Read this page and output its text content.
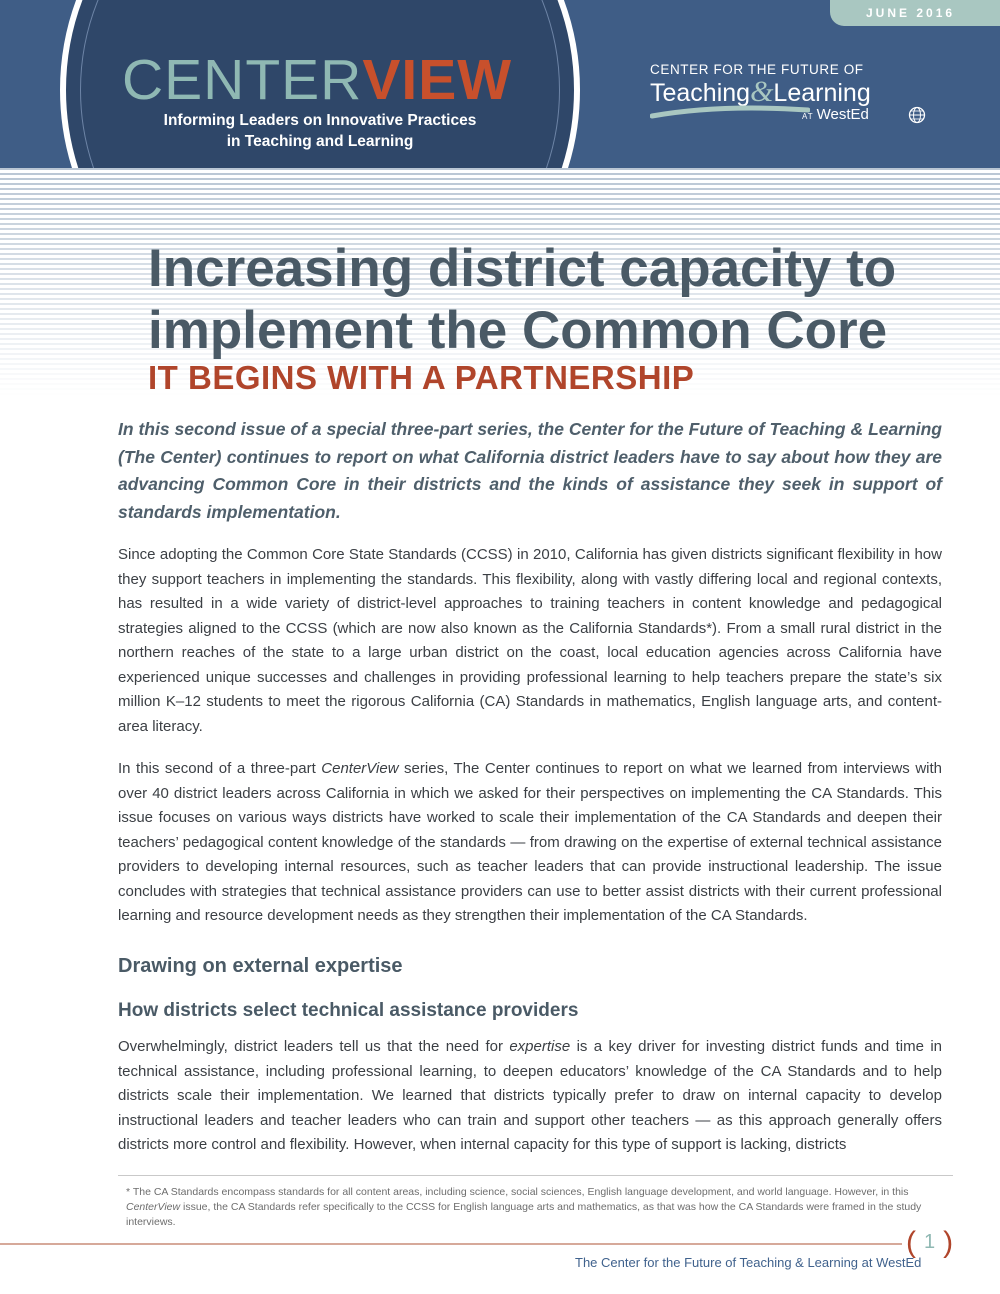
CENTERVIEW
Informing Leaders on Innovative Practices
in Teaching and Learning
JUNE 2016
CENTER FOR THE FUTURE OF
Teaching&Learning
AT WestEd
Increasing district capacity to
implement the Common Core
IT BEGINS WITH A PARTNERSHIP

In this second issue of a special three-part series, the Center for the Future of Teaching & Learning (The Center) continues to report on what California district leaders have to say about how they are advancing Common Core in their districts and the kinds of assistance they seek in support of standards implementation.

Since adopting the Common Core State Standards (CCSS) in 2010, California has given districts significant flexibility in how they support teachers in implementing the standards. This flexibility, along with vastly differing local and regional contexts, has resulted in a wide variety of district-level approaches to training teachers in content knowledge and pedagogical strategies aligned to the CCSS (which are now also known as the California Standards*). From a small rural district in the northern reaches of the state to a large urban district on the coast, local education agencies across California have experienced unique successes and challenges in providing professional learning to help teachers prepare the state’s six million K–12 students to meet the rigorous California (CA) Standards in mathematics, English language arts, and content-area literacy.

In this second of a three-part CenterView series, The Center continues to report on what we learned from interviews with over 40 district leaders across California in which we asked for their perspectives on implementing the CA Standards. This issue focuses on various ways districts have worked to scale their implementation of the CA Standards and deepen their teachers’ pedagogical content knowledge of the standards — from drawing on the expertise of external technical assistance providers to developing internal resources, such as teacher leaders that can provide instructional leadership. The issue concludes with strategies that technical assistance providers can use to better assist districts with their current professional learning and resource development needs as they strengthen their implementation of the CA Standards.

Drawing on external expertise
How districts select technical assistance providers

Overwhelmingly, district leaders tell us that the need for expertise is a key driver for investing district funds and time in technical assistance, including professional learning, to deepen educators’ knowledge of the CA Standards and to help districts scale their implementation. We learned that districts typically prefer to draw on internal capacity to develop instructional leaders and teacher leaders who can train and support other teachers — as this approach generally offers districts more control and flexibility. However, when internal capacity for this type of support is lacking, districts

* The CA Standards encompass standards for all content areas, including science, social sciences, English language development, and world language. However, in this CenterView issue, the CA Standards refer specifically to the CCSS for English language arts and mathematics, as that was how the CA Standards were framed in the study interviews.

( 1 )
The Center for the Future of Teaching & Learning at WestEd
